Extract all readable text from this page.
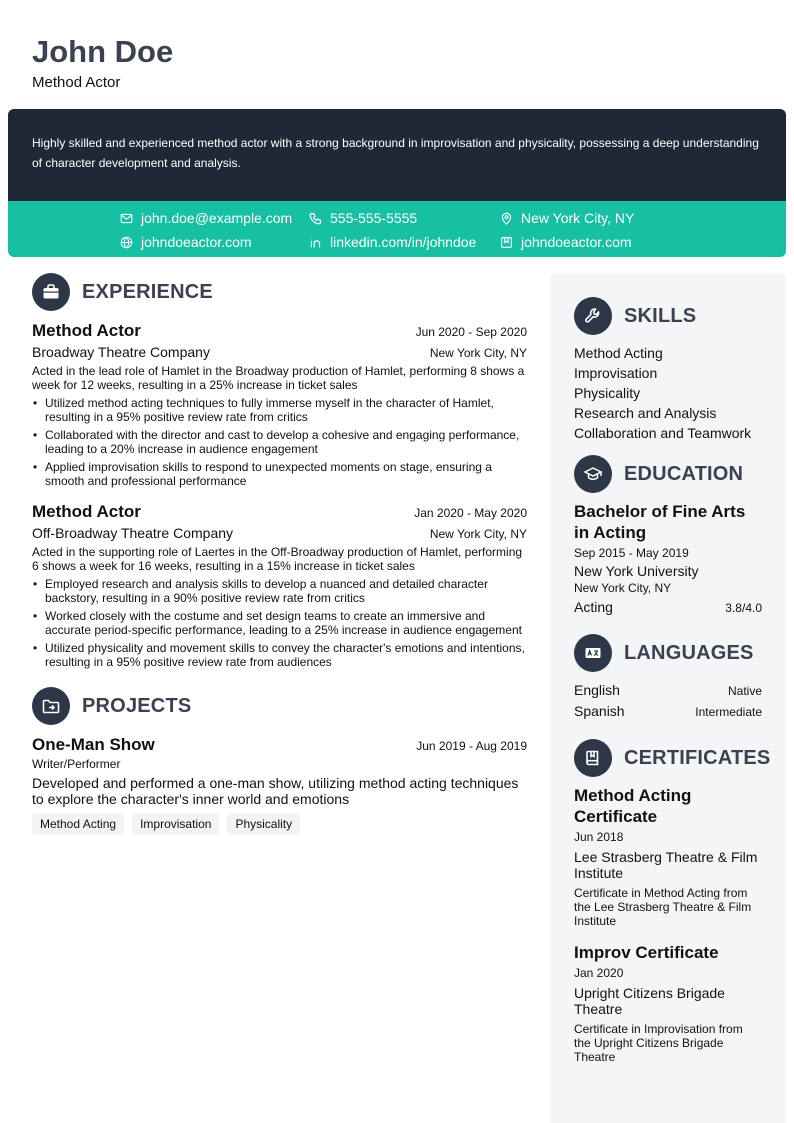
John Doe
Method Actor

Highly skilled and experienced method actor with a strong background in improvisation and physicality, possessing a deep understanding of character development and analysis.

john.doe@example.com	555-555-5555	New York City, NY
johndoeactor.com	linkedin.com/in/johndoe	johndoeactor.com
EXPERIENCE
Method Actor	Jun 2020 - Sep 2020
Broadway Theatre Company	New York City, NY

Acted in the lead role of Hamlet in the Broadway production of Hamlet, performing 8 shows a week for 12 weeks, resulting in a 25% increase in ticket sales

• Utilized method acting techniques to fully immerse myself in the character of Hamlet, resulting in a 95% positive review rate from critics
• Collaborated with the director and cast to develop a cohesive and engaging performance, leading to a 20% increase in audience engagement
• Applied improvisation skills to respond to unexpected moments on stage, ensuring a smooth and professional performance
Method Actor	Jan 2020 - May 2020
Off-Broadway Theatre Company	New York City, NY

Acted in the supporting role of Laertes in the Off-Broadway production of Hamlet, performing 6 shows a week for 16 weeks, resulting in a 15% increase in ticket sales

• Employed research and analysis skills to develop a nuanced and detailed character backstory, resulting in a 90% positive review rate from critics
• Worked closely with the costume and set design teams to create an immersive and accurate period-specific performance, leading to a 25% increase in audience engagement
• Utilized physicality and movement skills to convey the character's emotions and intentions, resulting in a 95% positive review rate from audiences
PROJECTS
One-Man Show	Jun 2019 - Aug 2019
Writer/Performer

Developed and performed a one-man show, utilizing method acting techniques to explore the character's inner world and emotions

Method Acting	Improvisation	Physicality
SKILLS
Method Acting
Improvisation
Physicality
Research and Analysis
Collaboration and Teamwork
EDUCATION
Bachelor of Fine Arts in Acting
Sep 2015 - May 2019
New York University
New York City, NY
Acting	3.8/4.0
LANGUAGES
English	Native
Spanish	Intermediate
CERTIFICATES
Method Acting Certificate
Jun 2018
Lee Strasberg Theatre & Film Institute
Certificate in Method Acting from the Lee Strasberg Theatre & Film Institute
Improv Certificate
Jan 2020
Upright Citizens Brigade Theatre
Certificate in Improvisation from the Upright Citizens Brigade Theatre
